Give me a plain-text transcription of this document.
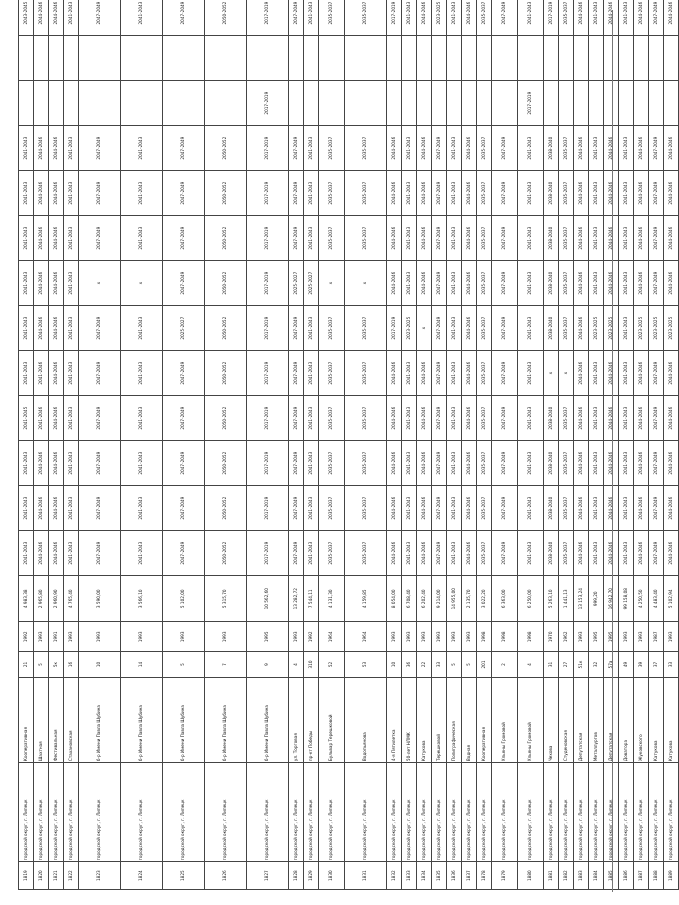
1819	городской округ, г. Липецк	Кооперативная	21	1992	4 983,38	2041-2043	2041-2043	2041-2043	2041-2045	2041-2043	2041-2043	2041-2043	2041-2043	2041-2043	2041-2043			2043-2045
1820	городской округ, г. Липецк	Шахтная	5	1993	2 965,80	2044-2046	2044-2046	2044-2046	2041-2046	2041-2046	2044-2046	2044-2046	2044-2046	2044-2046	2044-2046			2044-2046
1821	городской округ, г. Липецк	Фестивальная	5к	1991	2 960,90	2044-2046	2044-2046	2044-2046	2044-2046	2044-2046	2044-2046	2044-2046	2044-2046	2044-2046	2044-2046			2044-2046
1822	городской округ, г. Липецк	Стахановская	16	1993	4 765,40	2041-2043	2041-2043	2041-2043	2041-2043	2041-2043	2041-2043	2041-2043	2041-2043	2041-2043	2041-2043			2041-2043
1823	городской округ, г. Липецк	б-р Имени Павла Шубина	10	1993	3 590,00	2047-2049	2047-2049	2047-2049	2047-2049	2047-2049	2047-2049	x	2047-2049	2047-2049	2047-2049			2047-2049
1824	городской округ, г. Липецк	б-р Имени Павла Шубина	14	1993	3 566,10	2041-2043	2041-2043	2041-2043	2041-2043	2041-2043	2041-2043	x	2041-2043	2041-2043	2041-2043			2041-2043
1825	городской округ, г. Липецк	б-р Имени Павла Шубина	5	1993	5 102,00	2047-2049	2047-2049	2047-2049	2047-2049	2047-2049	2025-2027	2047-2049	2047-2049	2047-2049	2047-2049			2047-2049
1826	городской округ, г. Липецк	б-р Имени Павла Шубина	7	1993	5 315,70	2050-2052	2050-2052	2050-2052	2050-2052	2050-2052	2050-2052	2050-2052	2050-2052	2050-2052	2050-2052			2050-2052
1827	городской округ, г. Липецк	б-р Имени Павла Шубина	9	1995	10 562,60	2017-2019	2017-2019	2017-2019	2017-2019	2017-2019	2017-2019	2017-2019	2017-2019	2017-2019	2017-2019	2017-2019		2017-2019
1828	городской округ, г. Липецк	ул. Торговая	4	1993	13 282,72	2047-2049	2047-2049	2047-2049	2047-2049	2047-2049	2047-2049	2025-2027	2047-2049	2047-2049	2047-2049			2047-2049
1829	городской округ, г. Липецк	пр-кт Победы	310	1992	7 544,11	2041-2043	2041-2043	2041-2043	2041-2043	2041-2043	2041-2043	2025-2027	2041-2043	2041-2043	2041-2043			2041-2043
1830	городской округ, г. Липецк	Бульвар Терешковой	52	1964	4 131,30	2035-2037	2035-2037	2035-2037	2035-2037	2035-2037	2035-2037	x	2035-2037	2035-2037	2035-2037			2035-2037
1831	городской округ, г. Липецк	Водопьянова	53	1964	4 159,85	2035-2037	2035-2037	2035-2037	2035-2037	2035-2037	2035-2037	x	2035-2037	2035-2037	2035-2037			2035-2037
1832	городской округ, г. Липецк	4-я Пятилетка	10	1993	8 054,00	2044-2046	2044-2046	2044-2046	2044-2046	2044-2046	2017-2019	2044-2046	2044-2046	2044-2046	2044-2046			2017-2019
1833	городской округ, г. Липецк	50-лет НЛМК	36	1993	6 708,40	2041-2043	2041-2043	2041-2043	2041-2043	2041-2043	2023-2025	2041-2043	2041-2043	2041-2043	2041-2043			2041-2043
1834	городской округ, г. Липецк	Катукова	22	1993	6 202,40	2044-2046	2044-2046	2044-2046	2044-2046	2044-2046	x	2044-2046	2044-2046	2044-2046	2044-2046			2044-2046
1835	городской округ, г. Липецк	Терешковой	33	1993	9 214,00	2047-2049	2047-2049	2047-2049	2047-2049	2047-2049	2047-2049	2047-2049	2047-2049	2047-2049	2047-2049			2023-2025
1836	городской округ, г. Липецк	Полиграфическая	5	1993	14 955,00	2041-2043	2041-2043	2041-2043	2041-2043	2041-2043	2041-2043	2041-2043	2041-2043	2041-2043	2041-2043			2041-2043
1837	городской округ, г. Липецк	Водная	5	1993	2 135,70	2044-2046	2044-2046	2044-2046	2044-2046	2044-2046	2044-2046	2044-2046	2044-2046	2044-2046	2044-2046			2044-2046
1878	городской округ, г. Липецк	Кооперативная	201	1998	3 022,20	2035-2037	2035-2037	2035-2037	2035-2037	2035-2037	2035-2037	2035-2037	2035-2037	2035-2037	2035-2037			2035-2037
1879	городской округ, г. Липецк	Ульяны Громовой	2	1998	6 363,00	2047-2049	2047-2049	2047-2049	2047-2049	2047-2049	2047-2049	2047-2049	2047-2049	2047-2049	2047-2049			2047-2049
1880	городской округ, г. Липецк	Ульяны Громовой	4	1998	6 250,00	2041-2043	2041-2043	2041-2043	2041-2043	2041-2043	2041-2043	2041-2043	2041-2043	2041-2043	2041-2043	2017-2019		2041-2043
1881	городской округ, г. Липецк	Чехова	31	1970	5 263,10	2038-2040	2038-2040	2038-2040	2038-2040	x	2038-2040	2038-2040	2038-2040	2038-2040	2038-2040			2017-2019
1882	городской округ, г. Липецк	Студеновская	27	1962	1 441,13	2035-2037	2035-2037	2035-2037	2035-2037	x	2035-2037	2035-2037	2035-2037	2035-2037	2035-2037			2035-2037
1883	городской округ, г. Липецк	Депутатская	51к	1993	13 153,24	2044-2046	2044-2046	2044-2046	2044-2046	2044-2046	2044-2046	2044-2046	2044-2046	2044-2046	2044-2046			2044-2046
1884	городской округ, г. Липецк	Металлургов	32	1995	999,20	2041-2043	2041-2043	2041-2043	2041-2043	2041-2043	2023-2025	2041-2043	2041-2043	2041-2043	2041-2043			2041-2043
1885	городской округ, г. Липецк	Депутатская	57а	1995	16 942,70	2044-2046	2044-2046	2044-2046	2044-2046	2044-2046	2023-2025	2044-2046	2044-2046	2044-2046	2044-2046			2044-2046
1886	городской округ, г. Липецк	Доватора	49	1993	99 158,08	2041-2043	2041-2043	2041-2043	2041-2043	2041-2043	2041-2043	2041-2043	2041-2043	2041-2043	2041-2043			2041-2043
1887	городской округ, г. Липецк	Жуковского	39	1993	4 250,50	2044-2046	2044-2046	2044-2046	2044-2046	2044-2046	2023-2025	2044-2046	2044-2046	2044-2046	2044-2046			2044-2046
1888	городской округ, г. Липецк	Катукова	37	1987	4 483,40	2047-2049	2047-2049	2047-2049	2047-2049	2047-2049	2023-2025	2047-2049	2047-2049	2047-2049	2047-2049			2047-2049
1889	городской округ, г. Липецк	Катукова	33	1993	5 102,94	2044-2046	2044-2046	2044-2046	2044-2046	2044-2046	2023-2025	2044-2046	2044-2046	2044-2046	2044-2046			2044-2046
